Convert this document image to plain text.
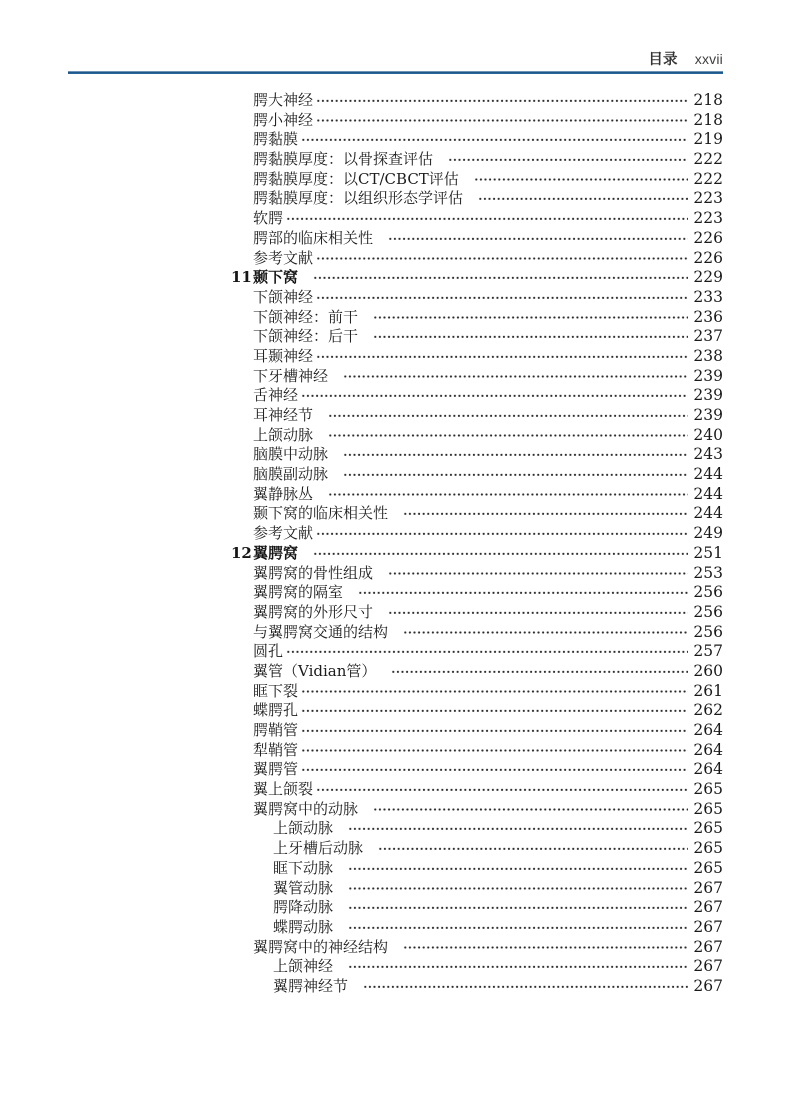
目录 xxvii
腭大神经	218
腭小神经	218
腭黏膜	219
腭黏膜厚度：以骨探查评估	222
腭黏膜厚度：以CT/CBCT评估	222
腭黏膜厚度：以组织形态学评估	223
软腭	223
腭部的临床相关性	226
参考文献	226
11 颞下窝	229
下颌神经	233
下颌神经：前干	236
下颌神经：后干	237
耳颞神经	238
下牙槽神经	239
舌神经	239
耳神经节	239
上颌动脉	240
脑膜中动脉	243
脑膜副动脉	244
翼静脉丛	244
颞下窝的临床相关性	244
参考文献	249
12 翼腭窝	251
翼腭窝的骨性组成	253
翼腭窝的隔室	256
翼腭窝的外形尺寸	256
与翼腭窝交通的结构	256
圆孔	257
翼管（Vidian管）	260
眶下裂	261
蝶腭孔	262
腭鞘管	264
犁鞘管	264
翼腭管	264
翼上颌裂	265
翼腭窝中的动脉	265
上颌动脉	265
上牙槽后动脉	265
眶下动脉	265
翼管动脉	267
腭降动脉	267
蝶腭动脉	267
翼腭窝中的神经结构	267
上颌神经	267
翼腭神经节	267
